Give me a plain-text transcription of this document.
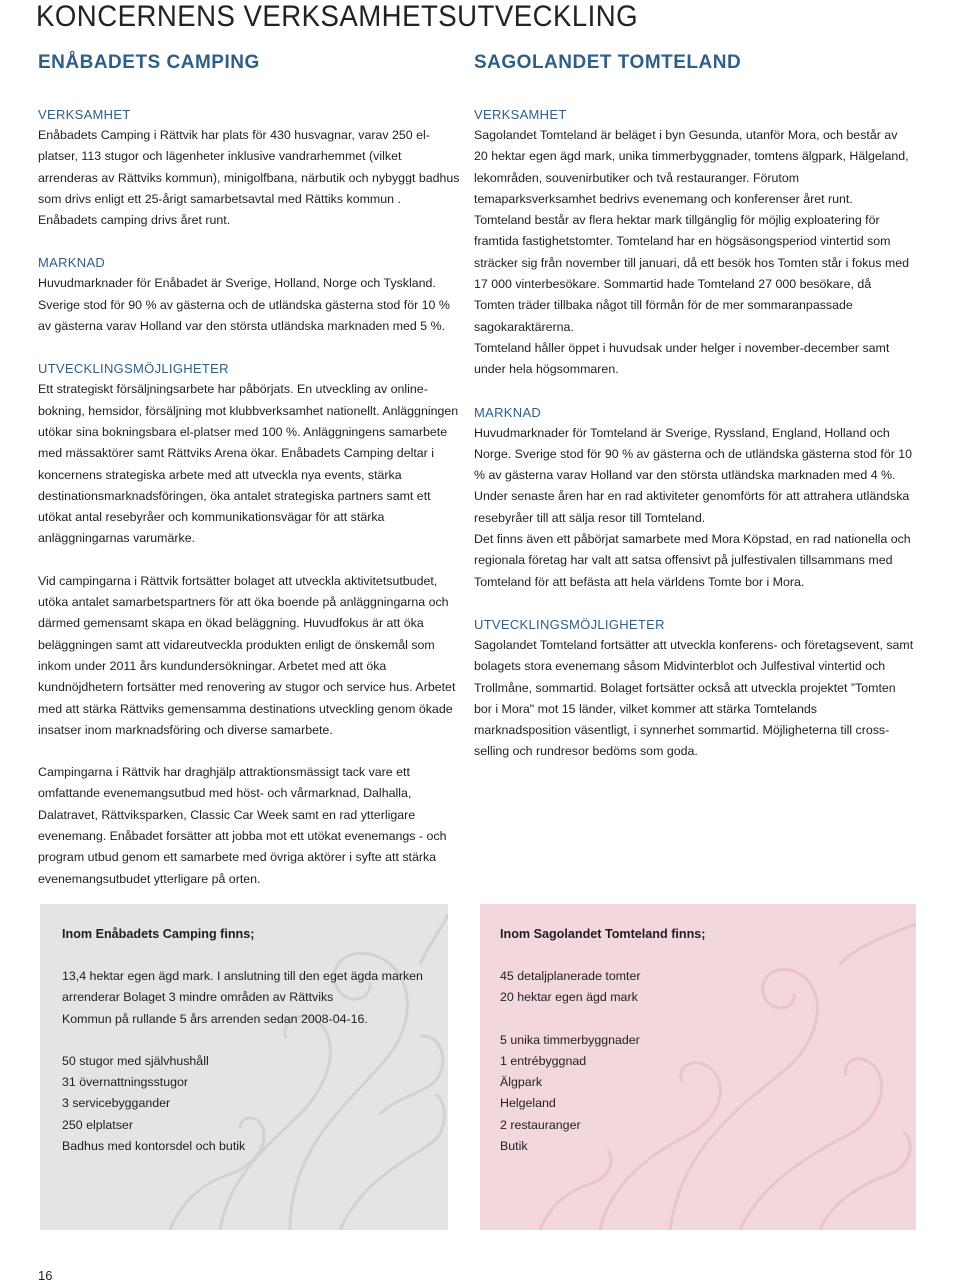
KONCERNENS VERKSAMHETSUTVECKLING
ENÅBADETS CAMPING

VERKSAMHET

Enåbadets Camping i Rättvik har plats för 430 husvagnar, varav 250 el-platser, 113 stugor och lägenheter inklusive vandrarhemmet (vilket arrenderas av Rättviks kommun), minigolfbana, närbutik och nybyggt badhus som drivs enligt ett 25-årigt samarbetsavtal med Rättiks kommun . Enåbadets camping drivs året runt.

MARKNAD

Huvudmarknader för Enåbadet är Sverige, Holland, Norge och Tyskland.

Sverige stod för 90 % av gästerna och de utländska gästerna stod för 10 % av gästerna varav Holland var den största utländska marknaden med 5 %.

UTVECKLINGSMÖJLIGHETER

Ett strategiskt försäljningsarbete har påbörjats. En utveckling av online-bokning, hemsidor, försäljning mot klubbverksamhet nationellt. Anläggningen utökar sina bokningsbara el-platser med 100 %. Anläggningens samarbete med mässaktörer samt Rättviks Arena ökar. Enåbadets Camping deltar i koncernens strategiska arbete med att utveckla nya events, stärka destinationsmarknadsföringen, öka antalet strategiska partners samt ett utökat antal resebyråer och kommunikationsvägar för att stärka anläggningarnas varumärke.

Vid campingarna i Rättvik fortsätter bolaget att utveckla aktivitetsutbudet, utöka antalet samarbetspartners för att öka boende på anläggningarna och därmed gemensamt skapa en ökad beläggning. Huvudfokus är att öka beläggningen samt att vidareutveckla produkten enligt de önskemål som inkom under 2011 års kundundersökningar. Arbetet med att öka kundnöjdhetern fortsätter med renovering av stugor och service hus. Arbetet med att stärka Rättviks gemensamma destinations utveckling genom ökade insatser inom marknadsföring och diverse samarbete.

Campingarna i Rättvik har draghjälp attraktionsmässigt tack vare ett omfattande evenemangsutbud med höst- och vårmarknad, Dalhalla, Dalatravet, Rättviksparken, Classic Car Week samt en rad ytterligare evenemang. Enåbadet forsätter att jobba mot ett utökat evenemangs - och program utbud genom ett samarbete med övriga aktörer i syfte att stärka evenemangsutbudet ytterligare på orten.

SAGOLANDET TOMTELAND

VERKSAMHET

Sagolandet Tomteland är beläget i byn Gesunda, utanför Mora, och består av 20 hektar egen ägd mark, unika timmerbyggnader, tomtens älgpark, Hälgeland, lekområden, souvenirbutiker och två restauranger. Förutom temaparksverksamhet bedrivs evenemang och konferenser året runt.

Tomteland består av flera hektar mark tillgänglig för möjlig exploatering för framtida fastighetstomter. Tomteland har en högsäsongsperiod vintertid som sträcker sig från november till januari, då ett besök hos Tomten står i fokus med 17 000 vinterbesökare. Sommartid hade Tomteland 27 000 besökare, då Tomten träder tillbaka något till förmån för de mer sommaranpassade sagokaraktärerna.

Tomteland håller öppet i huvudsak under helger i november-december samt under hela högsommaren.

MARKNAD

Huvudmarknader för Tomteland är Sverige, Ryssland, England, Holland och Norge. Sverige stod för 90 % av gästerna och de utländska gästerna stod för 10 % av gästerna varav Holland var den största utländska marknaden med 4 %.

Under senaste åren har en rad aktiviteter genomförts för att attrahera utländska resebyråer till att sälja resor till Tomteland.

Det finns även ett påbörjat samarbete med Mora Köpstad, en rad nationella och regionala företag har valt att satsa offensivt på julfestivalen tillsammans med Tomteland för att befästa att hela världens Tomte bor i Mora.

UTVECKLINGSMÖJLIGHETER

Sagolandet Tomteland fortsätter att utveckla konferens- och företagsevent, samt bolagets stora evenemang såsom Midvinterblot och Julfestival vintertid och Trollmåne, sommartid. Bolaget fortsätter också att utveckla projektet ”Tomten bor i Mora" mot 15 länder, vilket kommer att stärka Tomtelands marknadsposition väsentligt, i synnerhet sommartid. Möjligheterna till cross-selling och rundresor bedöms som goda.

Inom Enåbadets Camping finns;

13,4 hektar egen ägd mark. I anslutning till den eget ägda marken

arrenderar Bolaget 3 mindre områden av Rättviks

Kommun på rullande 5 års arrenden sedan 2008-04-16.

50 stugor med självhushåll

31 övernattningsstugor

3 servicebyggander

250 elplatser

Badhus med kontorsdel och butik

Inom Sagolandet Tomteland finns;

45 detaljplanerade tomter

20 hektar egen ägd mark

5 unika timmerbyggnader

1 entrébyggnad

Älgpark

Helgeland

2 restauranger

Butik

16
